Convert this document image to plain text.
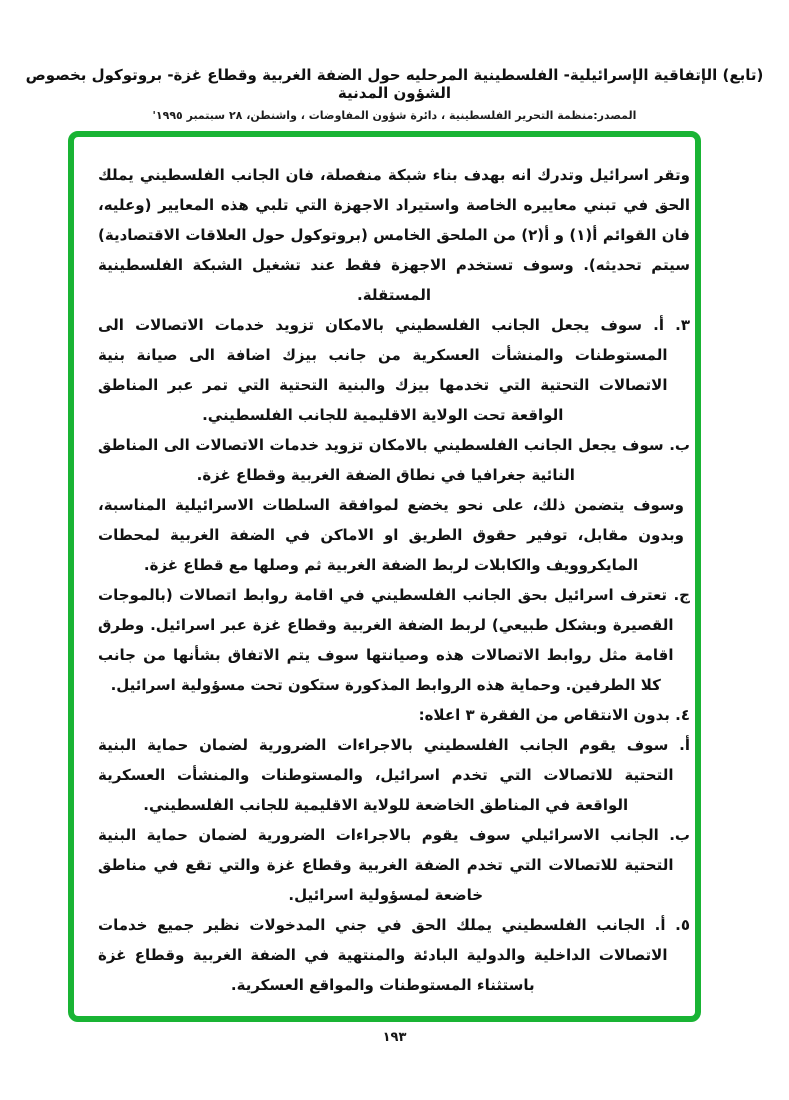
(تابع) الإتفاقية الإسرائيلية- الفلسطينية المرحليه حول الضفة الغربية وقطاع غزة- بروتوكول بخصوص الشؤون المدنية
المصدر:منظمة التحرير الفلسطينية ، دائرة شؤون المفاوضات ، واشنطن، ٢٨ سبتمبر ١٩٩٥'

وتقر اسرائيل وتدرك انه بهدف بناء شبكة منفصلة، فان الجانب الفلسطيني يملك الحق في تبني معاييره الخاصة واستيراد الاجهزة التي تلبي هذه المعايير (وعليه، فان القوائم أ(١) و أ(٢) من الملحق الخامس (بروتوكول حول العلاقات الاقتصادية) سيتم تحديثه). وسوف تستخدم الاجهزة فقط عند تشغيل الشبكة الفلسطينية المستقلة.

٣. أ. سوف يجعل الجانب الفلسطيني بالامكان تزويد خدمات الاتصالات الى المستوطنات والمنشأت العسكرية من جانب بيزك اضافة الى صيانة بنية الاتصالات التحتية التي تخدمها بيزك والبنية التحتية التي تمر عبر المناطق الواقعة تحت الولاية الاقليمية للجانب الفلسطيني.

ب. سوف يجعل الجانب الفلسطيني بالامكان تزويد خدمات الاتصالات الى المناطق النائية جغرافيا في نطاق الضفة الغربية وقطاع غزة.

وسوف يتضمن ذلك، على نحو يخضع لموافقة السلطات الاسرائيلية المناسبة، وبدون مقابل، توفير حقوق الطريق او الاماكن في الضفة الغربية لمحطات المايكروويف والكابلات لربط الضفة الغربية ثم وصلها مع قطاع غزة.

ج. تعترف اسرائيل بحق الجانب الفلسطيني في اقامة روابط اتصالات (بالموجات القصيرة وبشكل طبيعي) لربط الضفة الغربية وقطاع غزة عبر اسرائيل. وطرق اقامة مثل روابط الاتصالات هذه وصيانتها سوف يتم الاتفاق بشأنها من جانب كلا الطرفين. وحماية هذه الروابط المذكورة ستكون تحت مسؤولية اسرائيل.

٤. بدون الانتقاص من الفقرة ٣ اعلاه:

أ. سوف يقوم الجانب الفلسطيني بالاجراءات الضرورية لضمان حماية البنية التحتية للاتصالات التي تخدم اسرائيل، والمستوطنات والمنشأت العسكرية الواقعة في المناطق الخاضعة للولاية الاقليمية للجانب الفلسطيني.

ب. الجانب الاسرائيلي سوف يقوم بالاجراءات الضرورية لضمان حماية البنية التحتية للاتصالات التي تخدم الضفة الغربية وقطاع غزة والتي تقع في مناطق خاضعة لمسؤولية اسرائيل.

٥. أ. الجانب الفلسطيني يملك الحق في جني المدخولات نظير جميع خدمات الاتصالات الداخلية والدولية البادئة والمنتهية في الضفة الغربية وقطاع غزة باستثناء المستوطنات والمواقع العسكرية.

١٩٣
